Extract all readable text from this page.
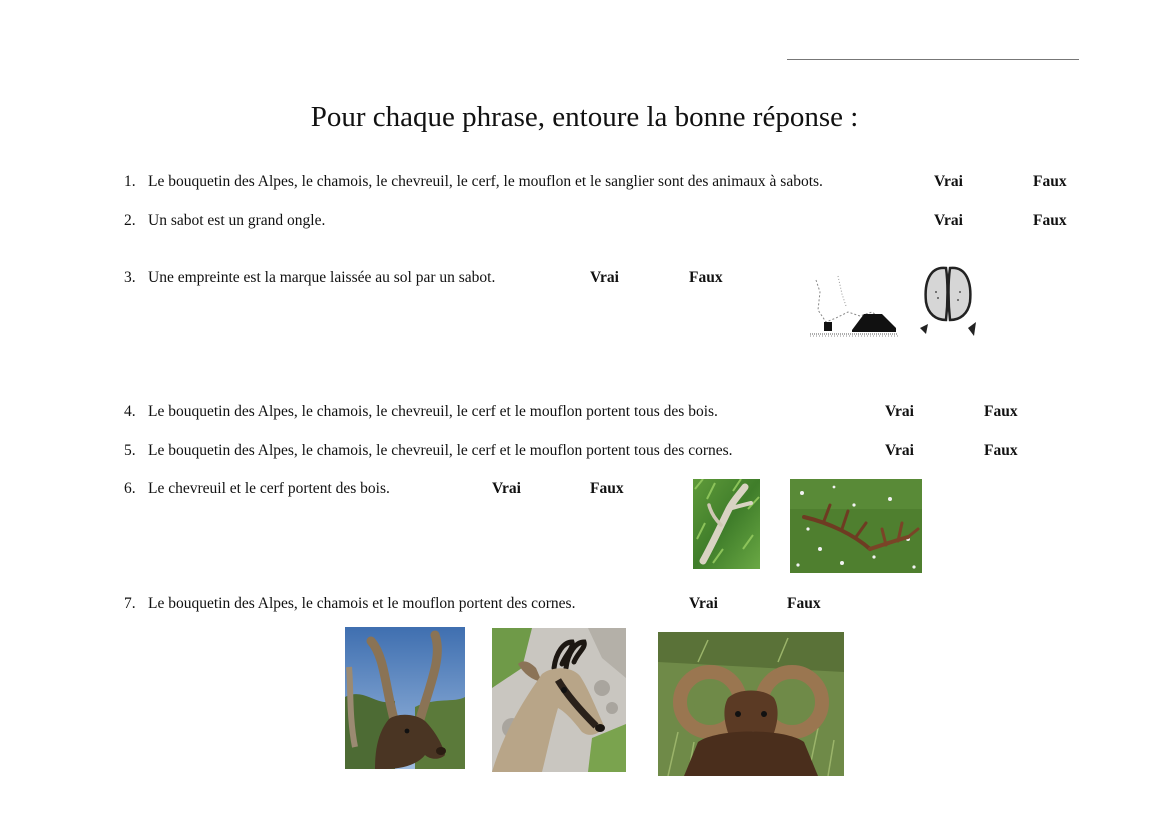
Pour chaque phrase, entoure la bonne réponse :
1. Le bouquetin des Alpes, le chamois, le chevreuil, le cerf, le mouflon et le sanglier sont des animaux à sabots.	Vrai	Faux
2. Un sabot est un grand ongle.	Vrai	Faux
3. Une empreinte est la marque laissée au sol par un sabot.	Vrai	Faux
4. Le bouquetin des Alpes, le chamois, le chevreuil, le cerf et le mouflon portent tous des bois.	Vrai	Faux
5. Le bouquetin des Alpes, le chamois, le chevreuil, le cerf et le mouflon portent tous des cornes.	Vrai	Faux
6. Le chevreuil et le cerf portent des bois.	Vrai	Faux
7. Le bouquetin des Alpes, le chamois et le mouflon portent des cornes.	Vrai	Faux
